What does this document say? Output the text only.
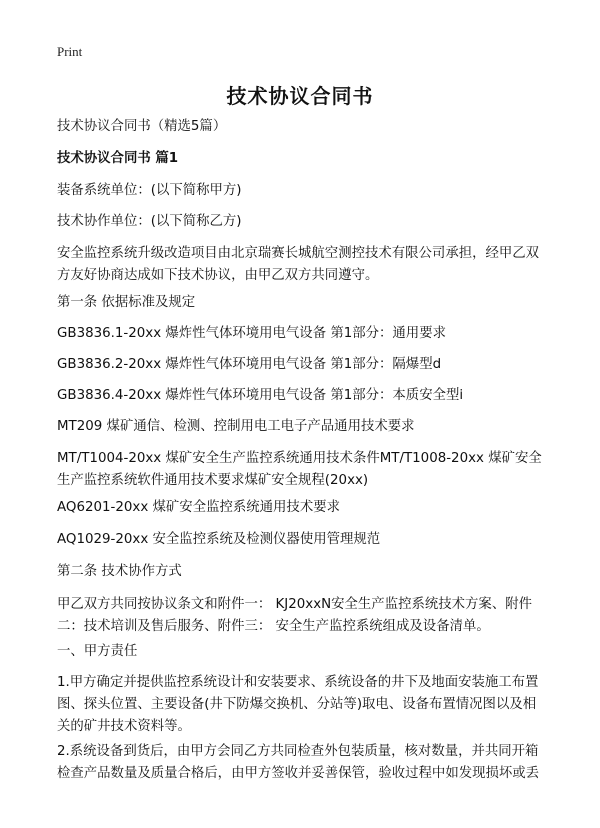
Print
技术协议合同书
技术协议合同书（精选5篇）
技术协议合同书 篇1
装备系统单位：(以下简称甲方)
技术协作单位：(以下简称乙方)
安全监控系统升级改造项目由北京瑞赛长城航空测控技术有限公司承担，经甲乙双方友好协商达成如下技术协议，由甲乙双方共同遵守。
第一条 依据标准及规定
GB3836.1-20xx 爆炸性气体环境用电气设备 第1部分：通用要求
GB3836.2-20xx 爆炸性气体环境用电气设备 第1部分：隔爆型d
GB3836.4-20xx 爆炸性气体环境用电气设备 第1部分：本质安全型i
MT209 煤矿通信、检测、控制用电工电子产品通用技术要求
MT/T1004-20xx 煤矿安全生产监控系统通用技术条件MT/T1008-20xx 煤矿安全生产监控系统软件通用技术要求煤矿安全规程(20xx)
AQ6201-20xx 煤矿安全监控系统通用技术要求
AQ1029-20xx 安全监控系统及检测仪器使用管理规范
第二条 技术协作方式
甲乙双方共同按协议条文和附件一： KJ20xxN安全生产监控系统技术方案、附件二：技术培训及售后服务、附件三： 安全生产监控系统组成及设备清单。
一、甲方责任
1.甲方确定并提供监控系统设计和安装要求、系统设备的井下及地面安装施工布置图、探头位置、主要设备(井下防爆交换机、分站等)取电、设备布置情况图以及相关的矿井技术资料等。
2.系统设备到货后，由甲方会同乙方共同检查外包装质量，核对数量，并共同开箱检查产品数量及质量合格后，由甲方签收并妥善保管，验收过程中如发现损坏或丢
